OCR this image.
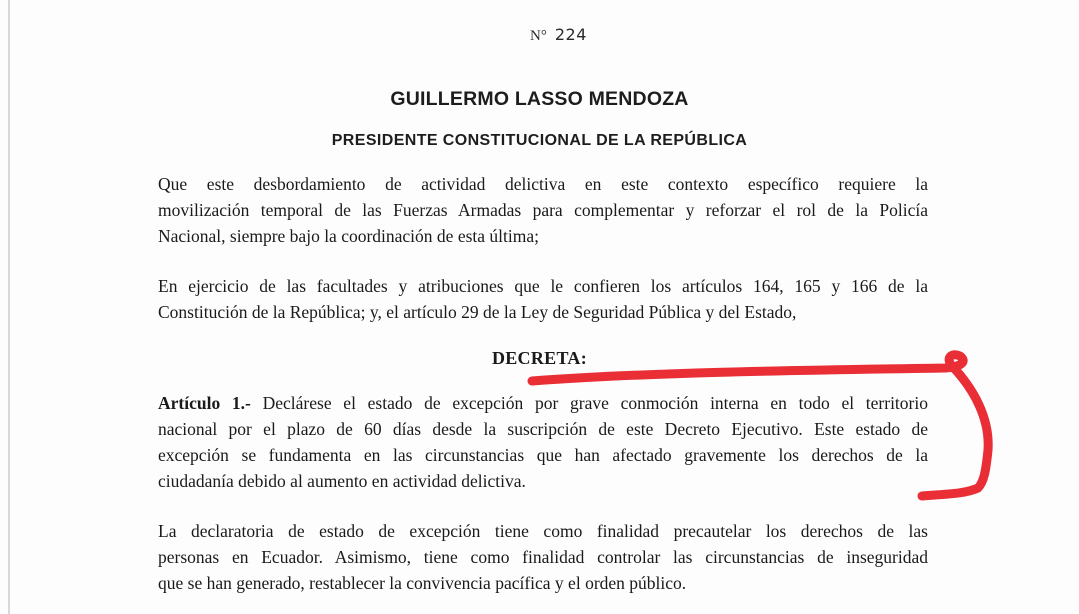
N° 224
GUILLERMO LASSO MENDOZA
PRESIDENTE CONSTITUCIONAL DE LA REPÚBLICA
Que este desbordamiento de actividad delictiva en este contexto específico requiere la
movilización temporal de las Fuerzas Armadas para complementar y reforzar el rol de la Policía
Nacional, siempre bajo la coordinación de esta última;
En ejercicio de las facultades y atribuciones que le confieren los artículos 164, 165 y 166 de la
Constitución de la República; y, el artículo 29 de la Ley de Seguridad Pública y del Estado,
DECRETA:
Artículo 1.- Declárese el estado de excepción por grave conmoción interna en todo el territorio
nacional por el plazo de 60 días desde la suscripción de este Decreto Ejecutivo. Este estado de
excepción se fundamenta en las circunstancias que han afectado gravemente los derechos de la
ciudadanía debido al aumento en actividad delictiva.
La declaratoria de estado de excepción tiene como finalidad precautelar los derechos de las
personas en Ecuador. Asimismo, tiene como finalidad controlar las circunstancias de inseguridad
que se han generado, restablecer la convivencia pacífica y el orden público.
